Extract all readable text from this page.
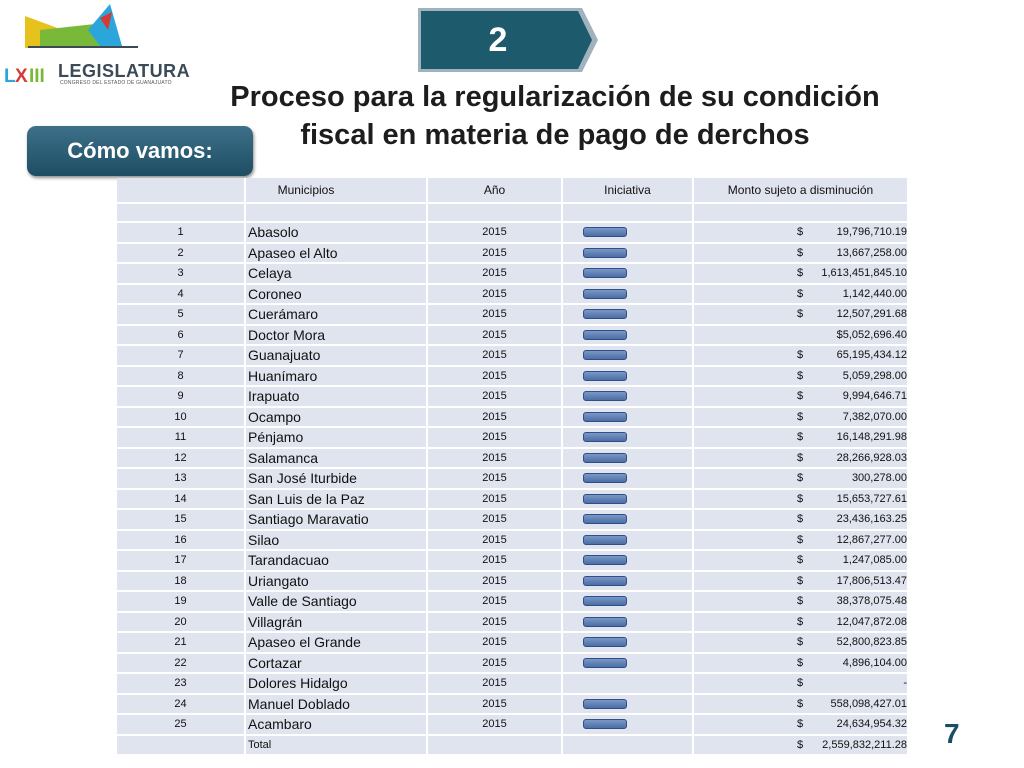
L X III LEGISLATURA
CONGRESO DEL ESTADO DE GUANAJUATO
2
Proceso para la regularización de su condición fiscal en materia de pago de derchos
Cómo vamos:
Municipios	Año	Iniciativa	Monto sujeto a disminución
1	Abasolo	2015	$	19,796,710.19
2	Apaseo el Alto	2015	$	13,667,258.00
3	Celaya	2015	$ 1,613,451,845.10
4	Coroneo	2015	$	1,142,440.00
5	Cuerámaro	2015	$	12,507,291.68
6	Doctor Mora	2015	$5,052,696.40
7	Guanajuato	2015	$	65,195,434.12
8	Huanímaro	2015	$	5,059,298.00
9	Irapuato	2015	$	9,994,646.71
10	Ocampo	2015	$	7,382,070.00
11	Pénjamo	2015	$	16,148,291.98
12	Salamanca	2015	$	28,266,928.03
13	San José Iturbide	2015	$	300,278.00
14	San Luis de la Paz	2015	$	15,653,727.61
15	Santiago Maravatio	2015	$	23,436,163.25
16	Silao	2015	$	12,867,277.00
17	Tarandacuao	2015	$	1,247,085.00
18	Uriangato	2015	$	17,806,513.47
19	Valle de Santiago	2015	$	38,378,075.48
20	Villagrán	2015	$	12,047,872.08
21	Apaseo el Grande	2015	$	52,800,823.85
22	Cortazar	2015	$	4,896,104.00
23	Dolores Hidalgo	2015	$	-
24	Manuel Doblado	2015	$ 558,098,427.01
25	Acambaro	2015	$	24,634,954.32
Total	$ 2,559,832,211.28 7
